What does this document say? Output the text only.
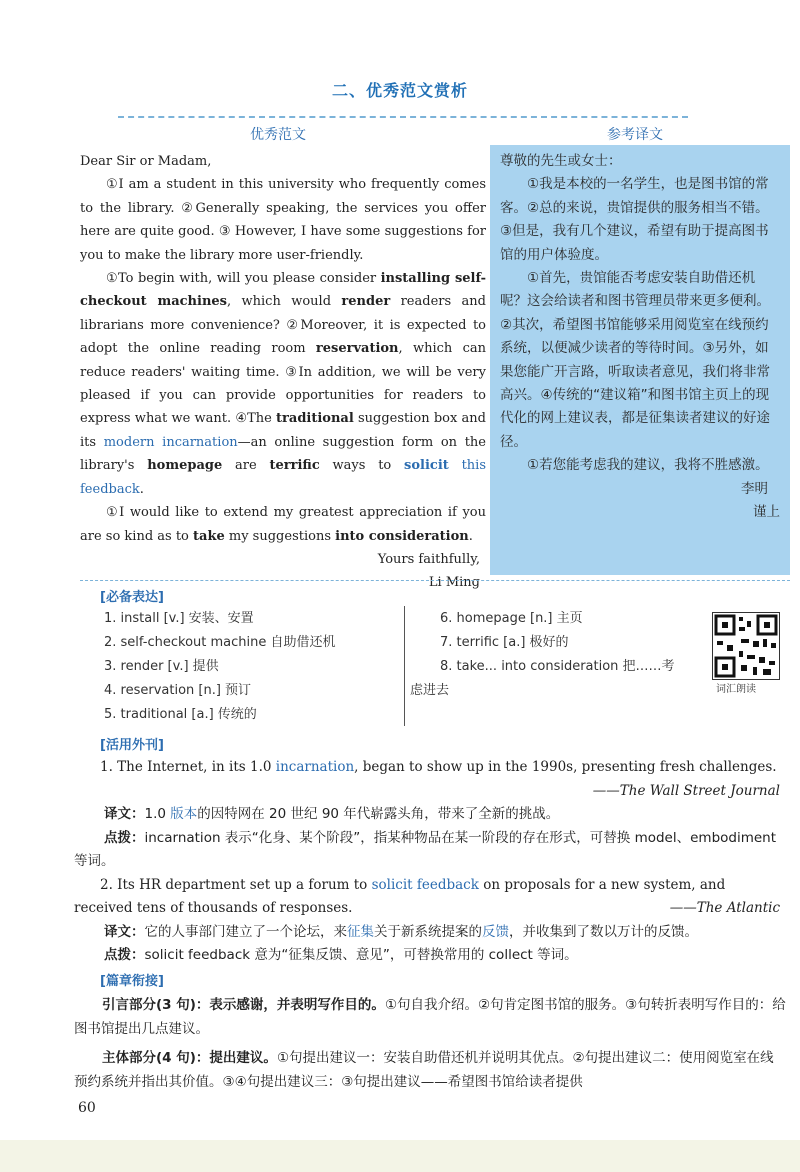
二、优秀范文赏析
优秀范文	参考译文

Dear Sir or Madam,

①I am a student in this university who frequently comes to the library. ②Generally speaking, the services you offer here are quite good. ③ However, I have some suggestions for you to make the library more user-friendly.

①To begin with, will you please consider installing self-checkout machines, which would render readers and librarians more convenience? ②Moreover, it is expected to adopt the online reading room reservation, which can reduce readers' waiting time. ③In addition, we will be very pleased if you can provide opportunities for readers to express what we want. ④The traditional suggestion box and its modern incarnation—an online suggestion form on the library's homepage are terrific ways to solicit this feedback.

①I would like to extend my greatest appreciation if you are so kind as to take my suggestions into consideration.

Yours faithfully,

Li Ming

尊敬的先生或女士：

①我是本校的一名学生，也是图书馆的常客。②总的来说，贵馆提供的服务相当不错。③但是，我有几个建议，希望有助于提高图书馆的用户体验度。

①首先，贵馆能否考虑安装自助借还机呢？这会给读者和图书管理员带来更多便利。②其次，希望图书馆能够采用阅览室在线预约系统，以便减少读者的等待时间。③另外，如果您能广开言路，听取读者意见，我们将非常高兴。④传统的“建议箱”和图书馆主页上的现代化的网上建议表，都是征集读者建议的好途径。

①若您能考虑我的建议，我将不胜感激。

李明

谨上

[必备表达]
1. install [v.] 安装、安置
2. self-checkout machine 自助借还机
3. render [v.] 提供
4. reservation [n.] 预订
5. traditional [a.] 传统的
6. homepage [n.] 主页
7. terrific [a.] 极好的
8. take... into consideration 把……考
虑进去	词汇朗读
[活用外刊]
1. The Internet, in its 1.0 incarnation, began to show up in the 1990s, presenting fresh challenges.
——The Wall Street Journal
译文：1.0 版本的因特网在 20 世纪 90 年代崭露头角，带来了全新的挑战。
点拨：incarnation 表示“化身、某个阶段”，指某种物品在某一阶段的存在形式，可替换 model、embodiment 等词。
2. Its HR department set up a forum to solicit feedback on proposals for a new system, and received tens of thousands of responses.	——The Atlantic
译文：它的人事部门建立了一个论坛，来征集关于新系统提案的反馈，并收集到了数以万计的反馈。
点拨：solicit feedback 意为“征集反馈、意见”，可替换常用的 collect 等词。
[篇章衔接]
引言部分(3 句)：表示感谢，并表明写作目的。①句自我介绍。②句肯定图书馆的服务。③句转折表明写作目的：给图书馆提出几点建议。
主体部分(4 句)：提出建议。①句提出建议一：安装自助借还机并说明其优点。②句提出建议二：使用阅览室在线预约系统并指出其价值。③④句提出建议三：③句提出建议——希望图书馆给读者提供
60
